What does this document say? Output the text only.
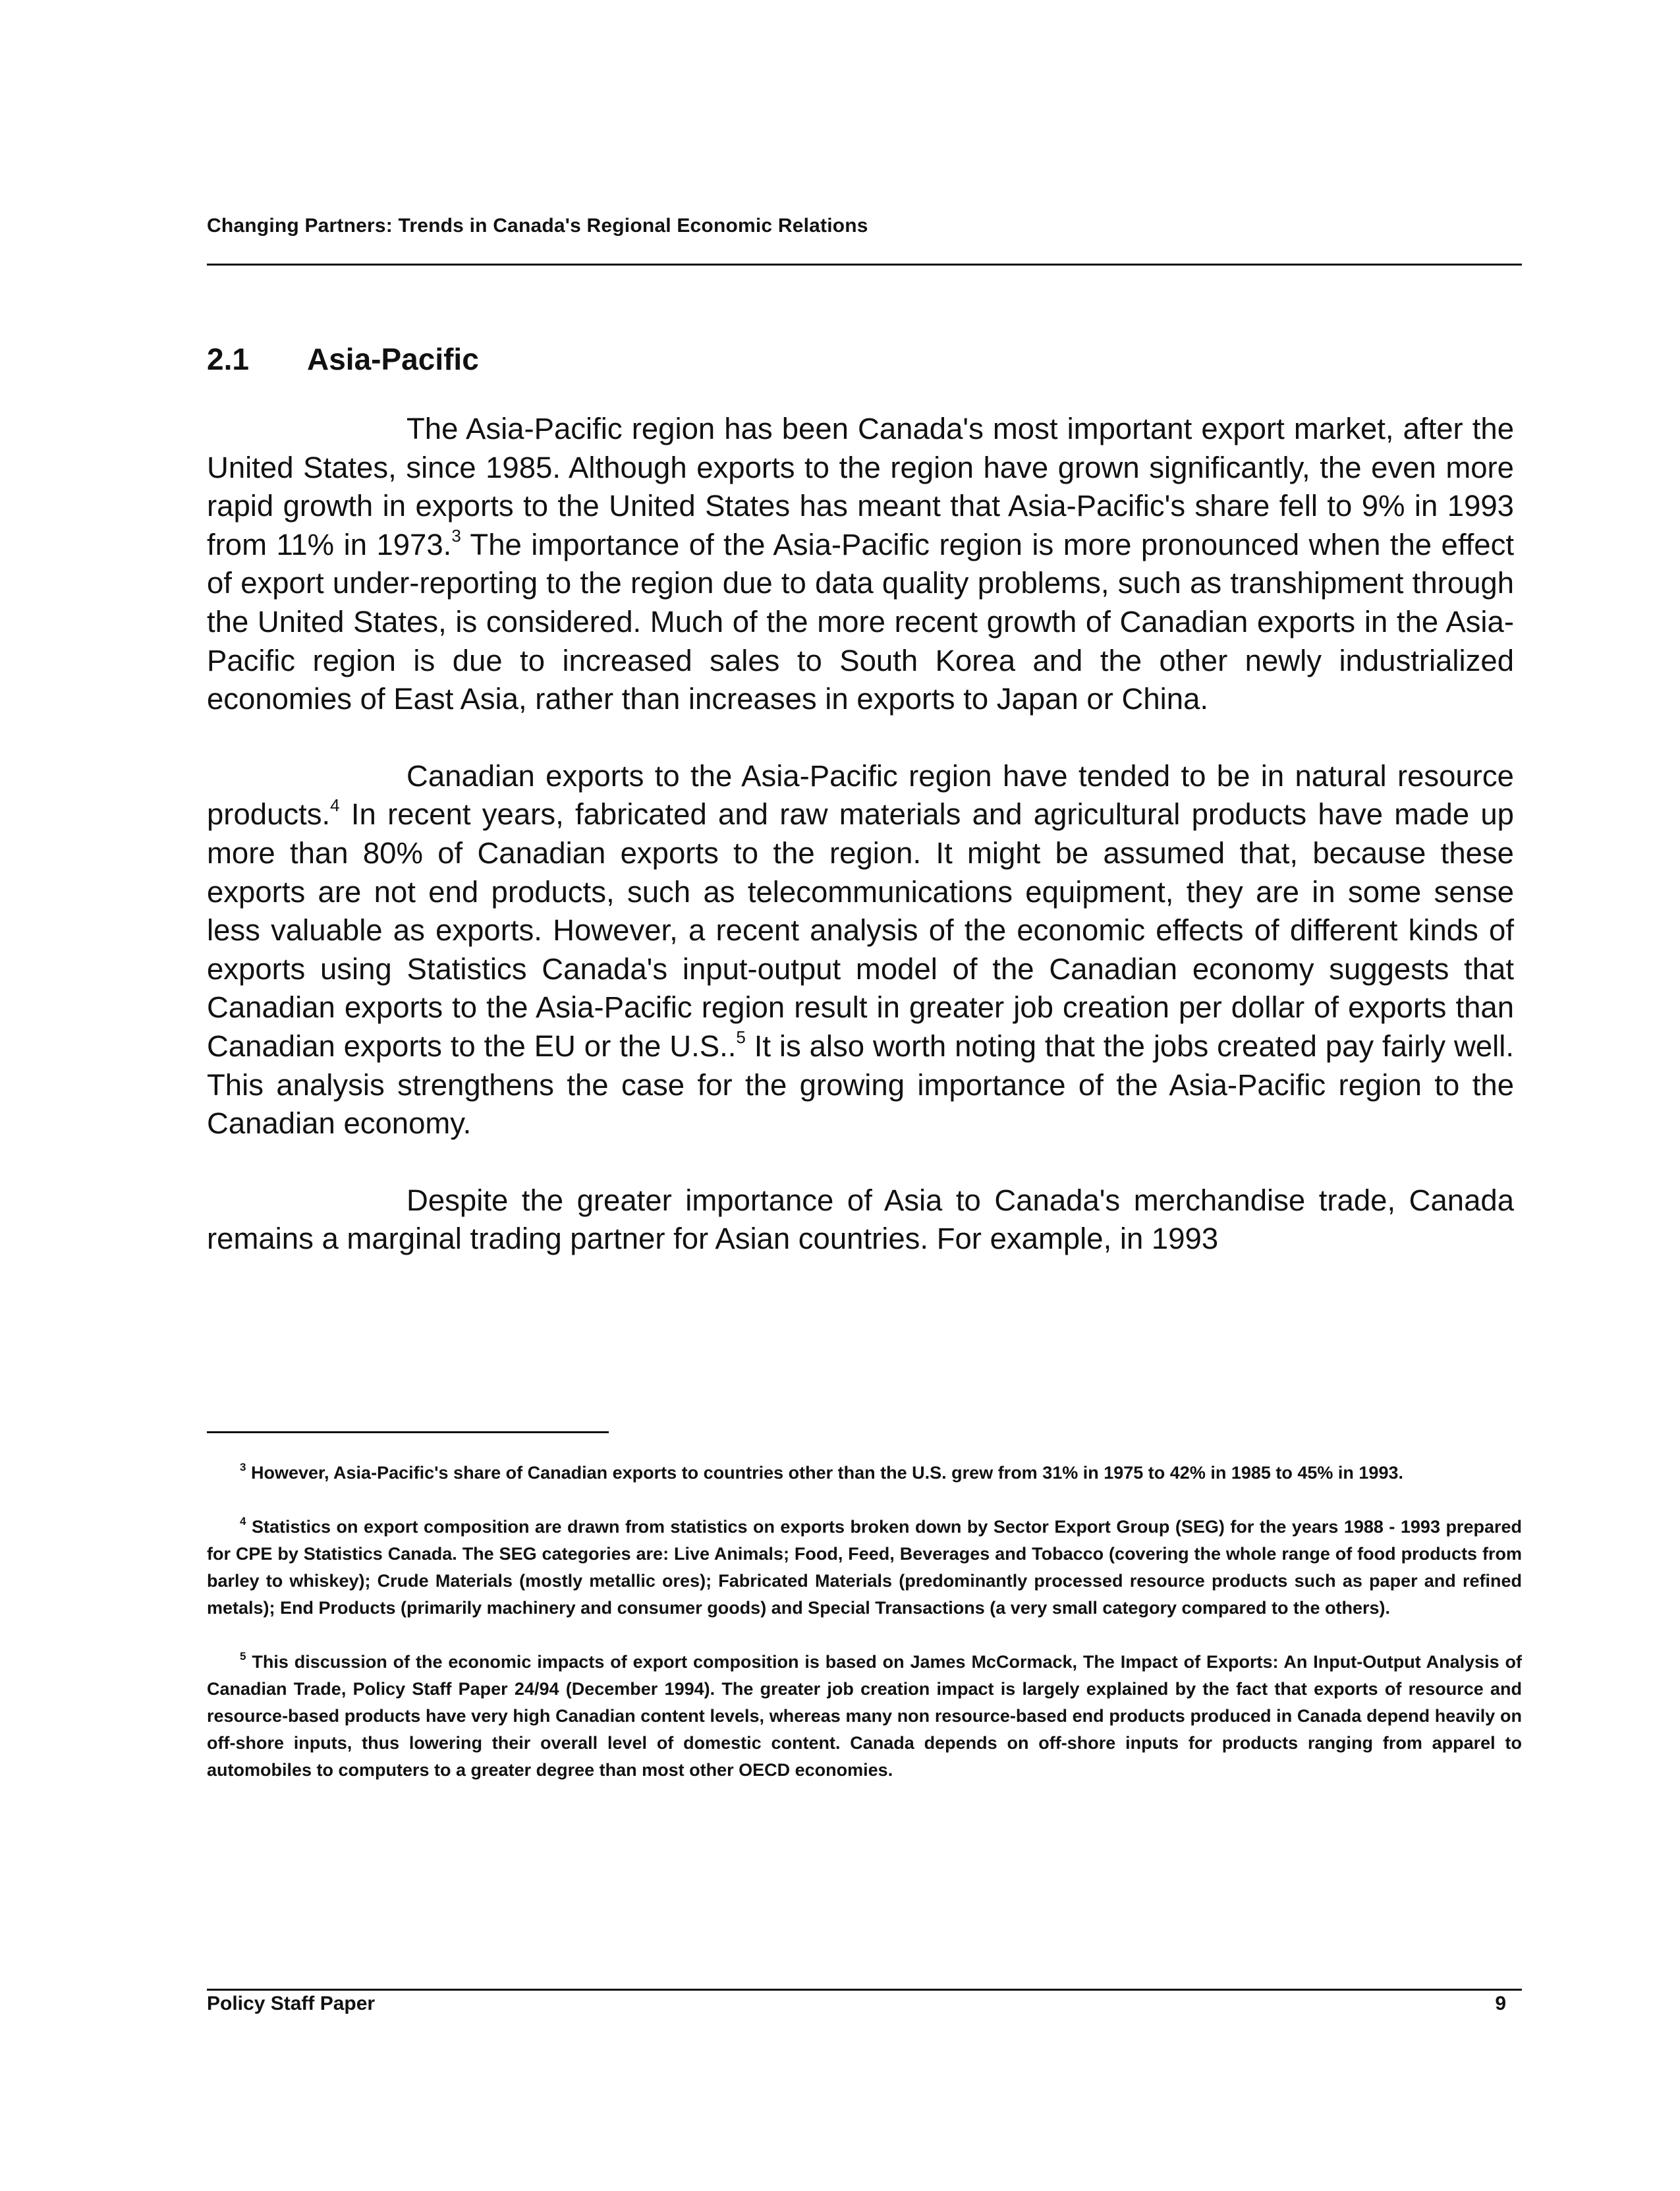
Changing Partners: Trends in Canada's Regional Economic Relations
2.1 Asia-Pacific

The Asia-Pacific region has been Canada's most important export market, after the United States, since 1985. Although exports to the region have grown significantly, the even more rapid growth in exports to the United States has meant that Asia-Pacific's share fell to 9% in 1993 from 11% in 1973.$^3$ The importance of the Asia-Pacific region is more pronounced when the effect of export under-reporting to the region due to data quality problems, such as transhipment through the United States, is considered. Much of the more recent growth of Canadian exports in the Asia-Pacific region is due to increased sales to South Korea and the other newly industrialized economies of East Asia, rather than increases in exports to Japan or China.

Canadian exports to the Asia-Pacific region have tended to be in natural resource products.$^4$ In recent years, fabricated and raw materials and agricultural products have made up more than 80% of Canadian exports to the region. It might be assumed that, because these exports are not end products, such as telecommunications equipment, they are in some sense less valuable as exports. However, a recent analysis of the economic effects of different kinds of exports using Statistics Canada's input-output model of the Canadian economy suggests that Canadian exports to the Asia-Pacific region result in greater job creation per dollar of exports than Canadian exports to the EU or the U.S..$^5$ It is also worth noting that the jobs created pay fairly well. This analysis strengthens the case for the growing importance of the Asia-Pacific region to the Canadian economy.

Despite the greater importance of Asia to Canada's merchandise trade, Canada remains a marginal trading partner for Asian countries. For example, in 1993

$^3$ However, Asia-Pacific's share of Canadian exports to countries other than the U.S. grew from 31% in 1975 to 42% in 1985 to 45% in 1993.

$^4$ Statistics on export composition are drawn from statistics on exports broken down by Sector Export Group (SEG) for the years 1988 - 1993 prepared for CPE by Statistics Canada. The SEG categories are: Live Animals; Food, Feed, Beverages and Tobacco (covering the whole range of food products from barley to whiskey); Crude Materials (mostly metallic ores); Fabricated Materials (predominantly processed resource products such as paper and refined metals); End Products (primarily machinery and consumer goods) and Special Transactions (a very small category compared to the others).

$^5$ This discussion of the economic impacts of export composition is based on James McCormack, The Impact of Exports: An Input-Output Analysis of Canadian Trade, Policy Staff Paper 24/94 (December 1994). The greater job creation impact is largely explained by the fact that exports of resource and resource-based products have very high Canadian content levels, whereas many non resource-based end products produced in Canada depend heavily on off-shore inputs, thus lowering their overall level of domestic content. Canada depends on off-shore inputs for products ranging from apparel to automobiles to computers to a greater degree than most other OECD economies.

Policy Staff Paper	9
